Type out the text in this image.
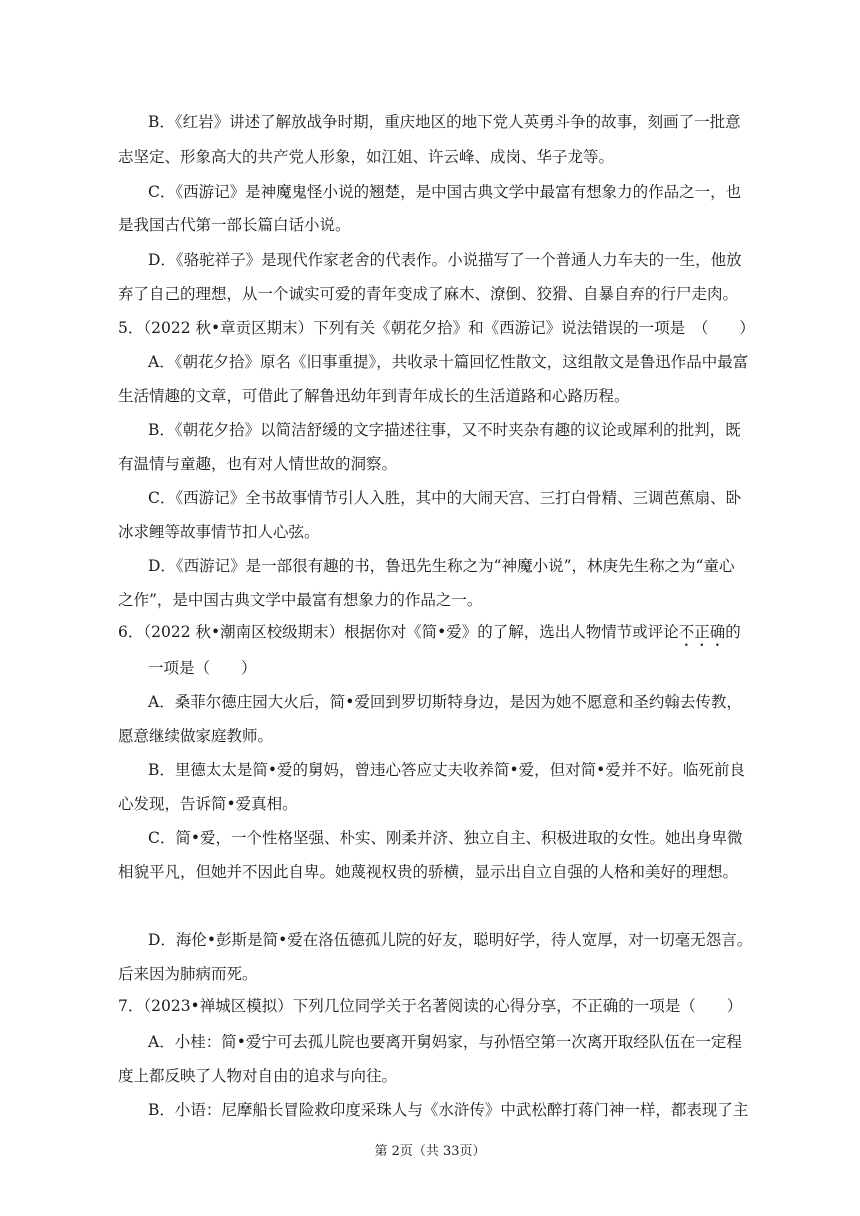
B．《红岩》讲述了解放战争时期，重庆地区的地下党人英勇斗争的故事，刻画了一批意
志坚定、形象高大的共产党人形象，如江姐、许云峰、成岗、华子龙等。
C．《西游记》是神魔鬼怪小说的翘楚，是中国古典文学中最富有想象力的作品之一，也
是我国古代第一部长篇白话小说。
D．《骆驼祥子》是现代作家老舍的代表作。小说描写了一个普通人力车夫的一生，他放
弃了自己的理想，从一个诚实可爱的青年变成了麻木、潦倒、狡猾、自暴自弃的行尸走肉。
5．（2022 秋•章贡区期末）下列有关《朝花夕拾》和《西游记》说法错误的一项是　（　　）
A．《朝花夕拾》原名《旧事重提》，共收录十篇回忆性散文，这组散文是鲁迅作品中最富
生活情趣的文章，可借此了解鲁迅幼年到青年成长的生活道路和心路历程。
B．《朝花夕拾》以简洁舒缓的文字描述往事，又不时夹杂有趣的议论或犀利的批判，既
有温情与童趣，也有对人情世故的洞察。
C．《西游记》全书故事情节引人入胜，其中的大闹天宫、三打白骨精、三调芭蕉扇、卧
冰求鲤等故事情节扣人心弦。
D．《西游记》是一部很有趣的书，鲁迅先生称之为“神魔小说”，林庚先生称之为“童心
之作”，是中国古典文学中最富有想象力的作品之一。
6．（2022 秋•潮南区校级期末）根据你对《简•爱》的了解，选出人物情节或评论不正确的
一项是（　　）
A．桑菲尔德庄园大火后，简•爱回到罗切斯特身边，是因为她不愿意和圣约翰去传教，
愿意继续做家庭教师。
B．里德太太是简•爱的舅妈，曾违心答应丈夫收养简•爱，但对简•爱并不好。临死前良
心发现，告诉简•爱真相。
C．简•爱，一个性格坚强、朴实、刚柔并济、独立自主、积极进取的女性。她出身卑微
相貌平凡，但她并不因此自卑。她蔑视权贵的骄横，显示出自立自强的人格和美好的理想。
D．海伦•彭斯是简•爱在洛伍德孤儿院的好友，聪明好学，待人宽厚，对一切毫无怨言。
后来因为肺病而死。
7．（2023•禅城区模拟）下列几位同学关于名著阅读的心得分享，不正确的一项是（　　）
A．小桂：简•爱宁可去孤儿院也要离开舅妈家，与孙悟空第一次离开取经队伍在一定程
度上都反映了人物对自由的追求与向往。
B．小语：尼摩船长冒险救印度采珠人与《水浒传》中武松醉打蒋门神一样，都表现了主
第 2页（共 33页）
